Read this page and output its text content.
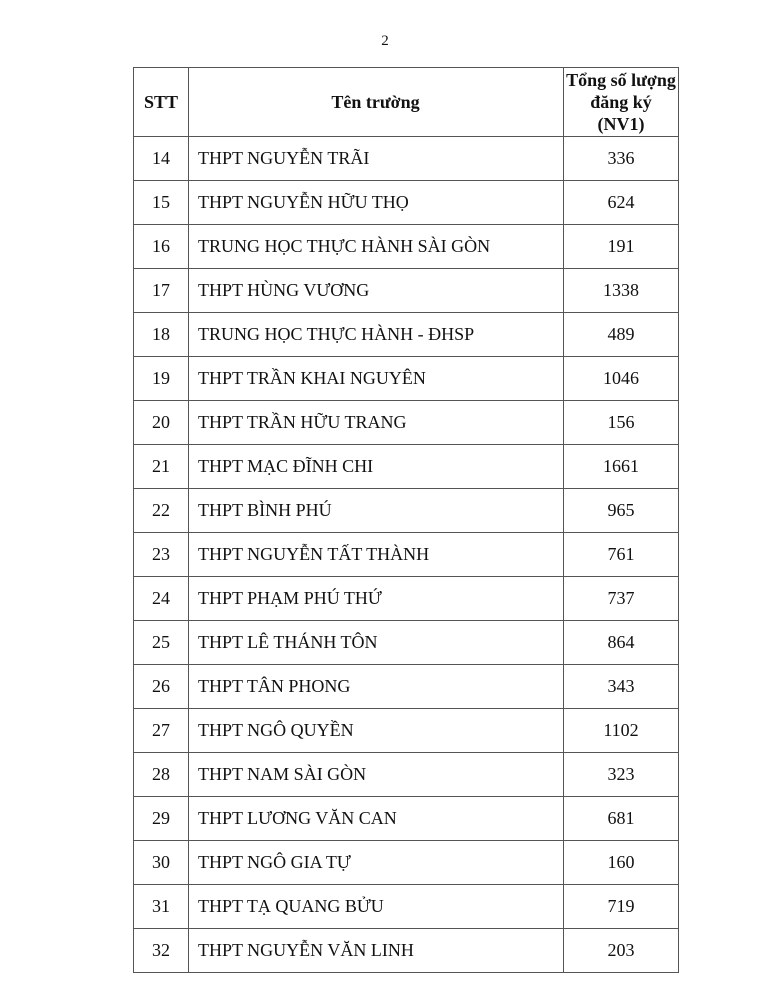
2
STT	Tên trường	Tổng số lượng
đăng ký (NV1)
14	THPT NGUYỄN TRÃI	336
15	THPT NGUYỄN HỮU THỌ	624
16	TRUNG HỌC THỰC HÀNH SÀI GÒN	191
17	THPT HÙNG VƯƠNG	1338
18	TRUNG HỌC THỰC HÀNH - ĐHSP	489
19	THPT TRẦN KHAI NGUYÊN	1046
20	THPT TRẦN HỮU TRANG	156
21	THPT MẠC ĐĨNH CHI	1661
22	THPT BÌNH PHÚ	965
23	THPT NGUYỄN TẤT THÀNH	761
24	THPT PHẠM PHÚ THỨ	737
25	THPT LÊ THÁNH TÔN	864
26	THPT TÂN PHONG	343
27	THPT NGÔ QUYỀN	1102
28	THPT NAM SÀI GÒN	323
29	THPT LƯƠNG VĂN CAN	681
30	THPT NGÔ GIA TỰ	160
31	THPT TẠ QUANG BỬU	719
32	THPT NGUYỄN VĂN LINH	203
